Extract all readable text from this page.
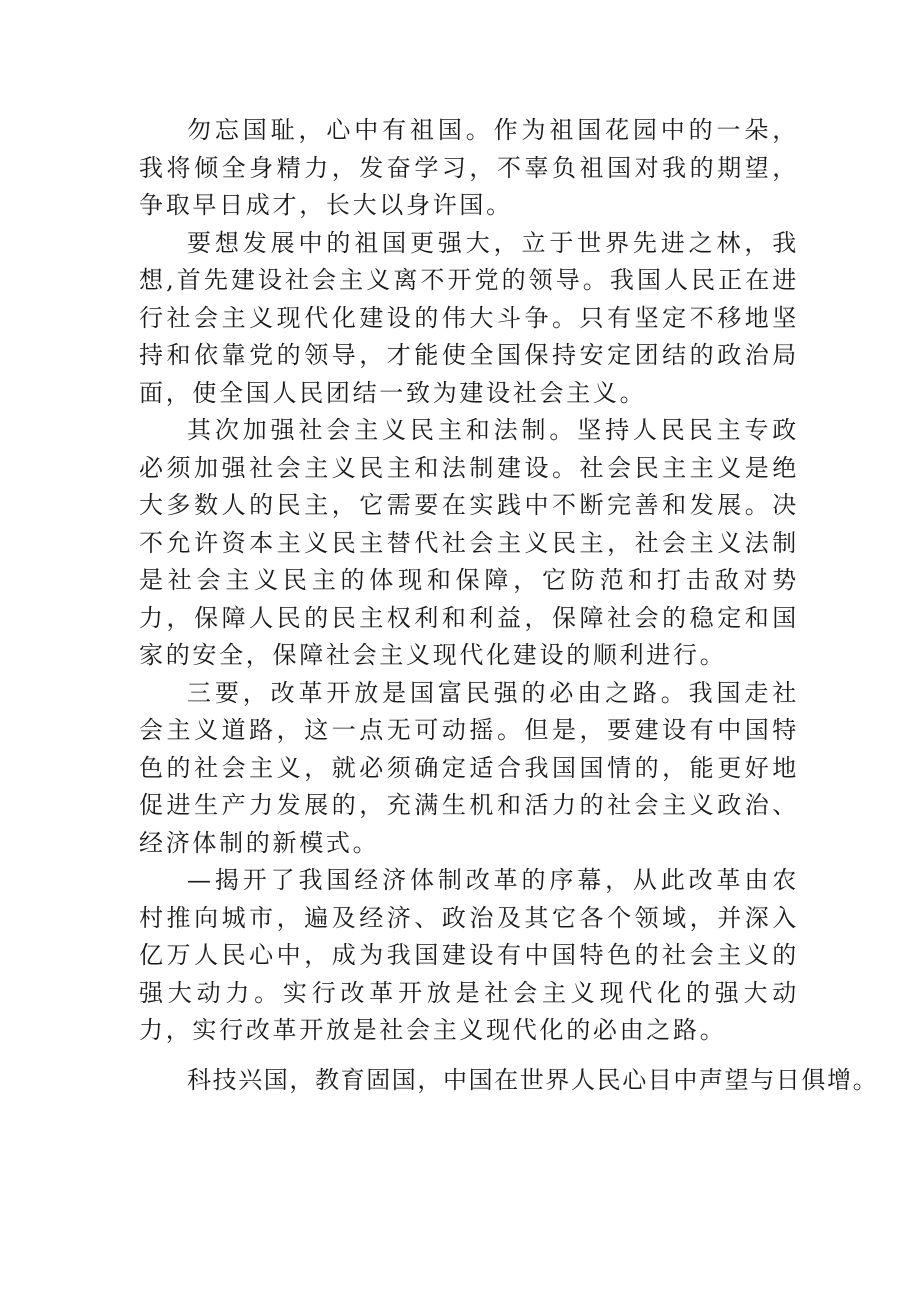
勿忘国耻，心中有祖国。作为祖国花园中的一朵，我将倾全身精力，发奋学习，不辜负祖国对我的期望，争取早日成才，长大以身许国。

要想发展中的祖国更强大，立于世界先进之林，我想,首先建设社会主义离不开党的领导。我国人民正在进行社会主义现代化建设的伟大斗争。只有坚定不移地坚持和依靠党的领导，才能使全国保持安定团结的政治局面，使全国人民团结一致为建设社会主义。

其次加强社会主义民主和法制。坚持人民民主专政必须加强社会主义民主和法制建设。社会民主主义是绝大多数人的民主，它需要在实践中不断完善和发展。决不允许资本主义民主替代社会主义民主，社会主义法制是社会主义民主的体现和保障，它防范和打击敌对势力，保障人民的民主权利和利益，保障社会的稳定和国家的安全，保障社会主义现代化建设的顺利进行。

三要，改革开放是国富民强的必由之路。我国走社会主义道路，这一点无可动摇。但是，要建设有中国特色的社会主义，就必须确定适合我国国情的，能更好地促进生产力发展的，充满生机和活力的社会主义政治、经济体制的新模式。

—揭开了我国经济体制改革的序幕，从此改革由农村推向城市，遍及经济、政治及其它各个领域，并深入亿万人民心中，成为我国建设有中国特色的社会主义的强大动力。实行改革开放是社会主义现代化的强大动力，实行改革开放是社会主义现代化的必由之路。

科技兴国，教育固国，中国在世界人民心目中声望与日俱增。
